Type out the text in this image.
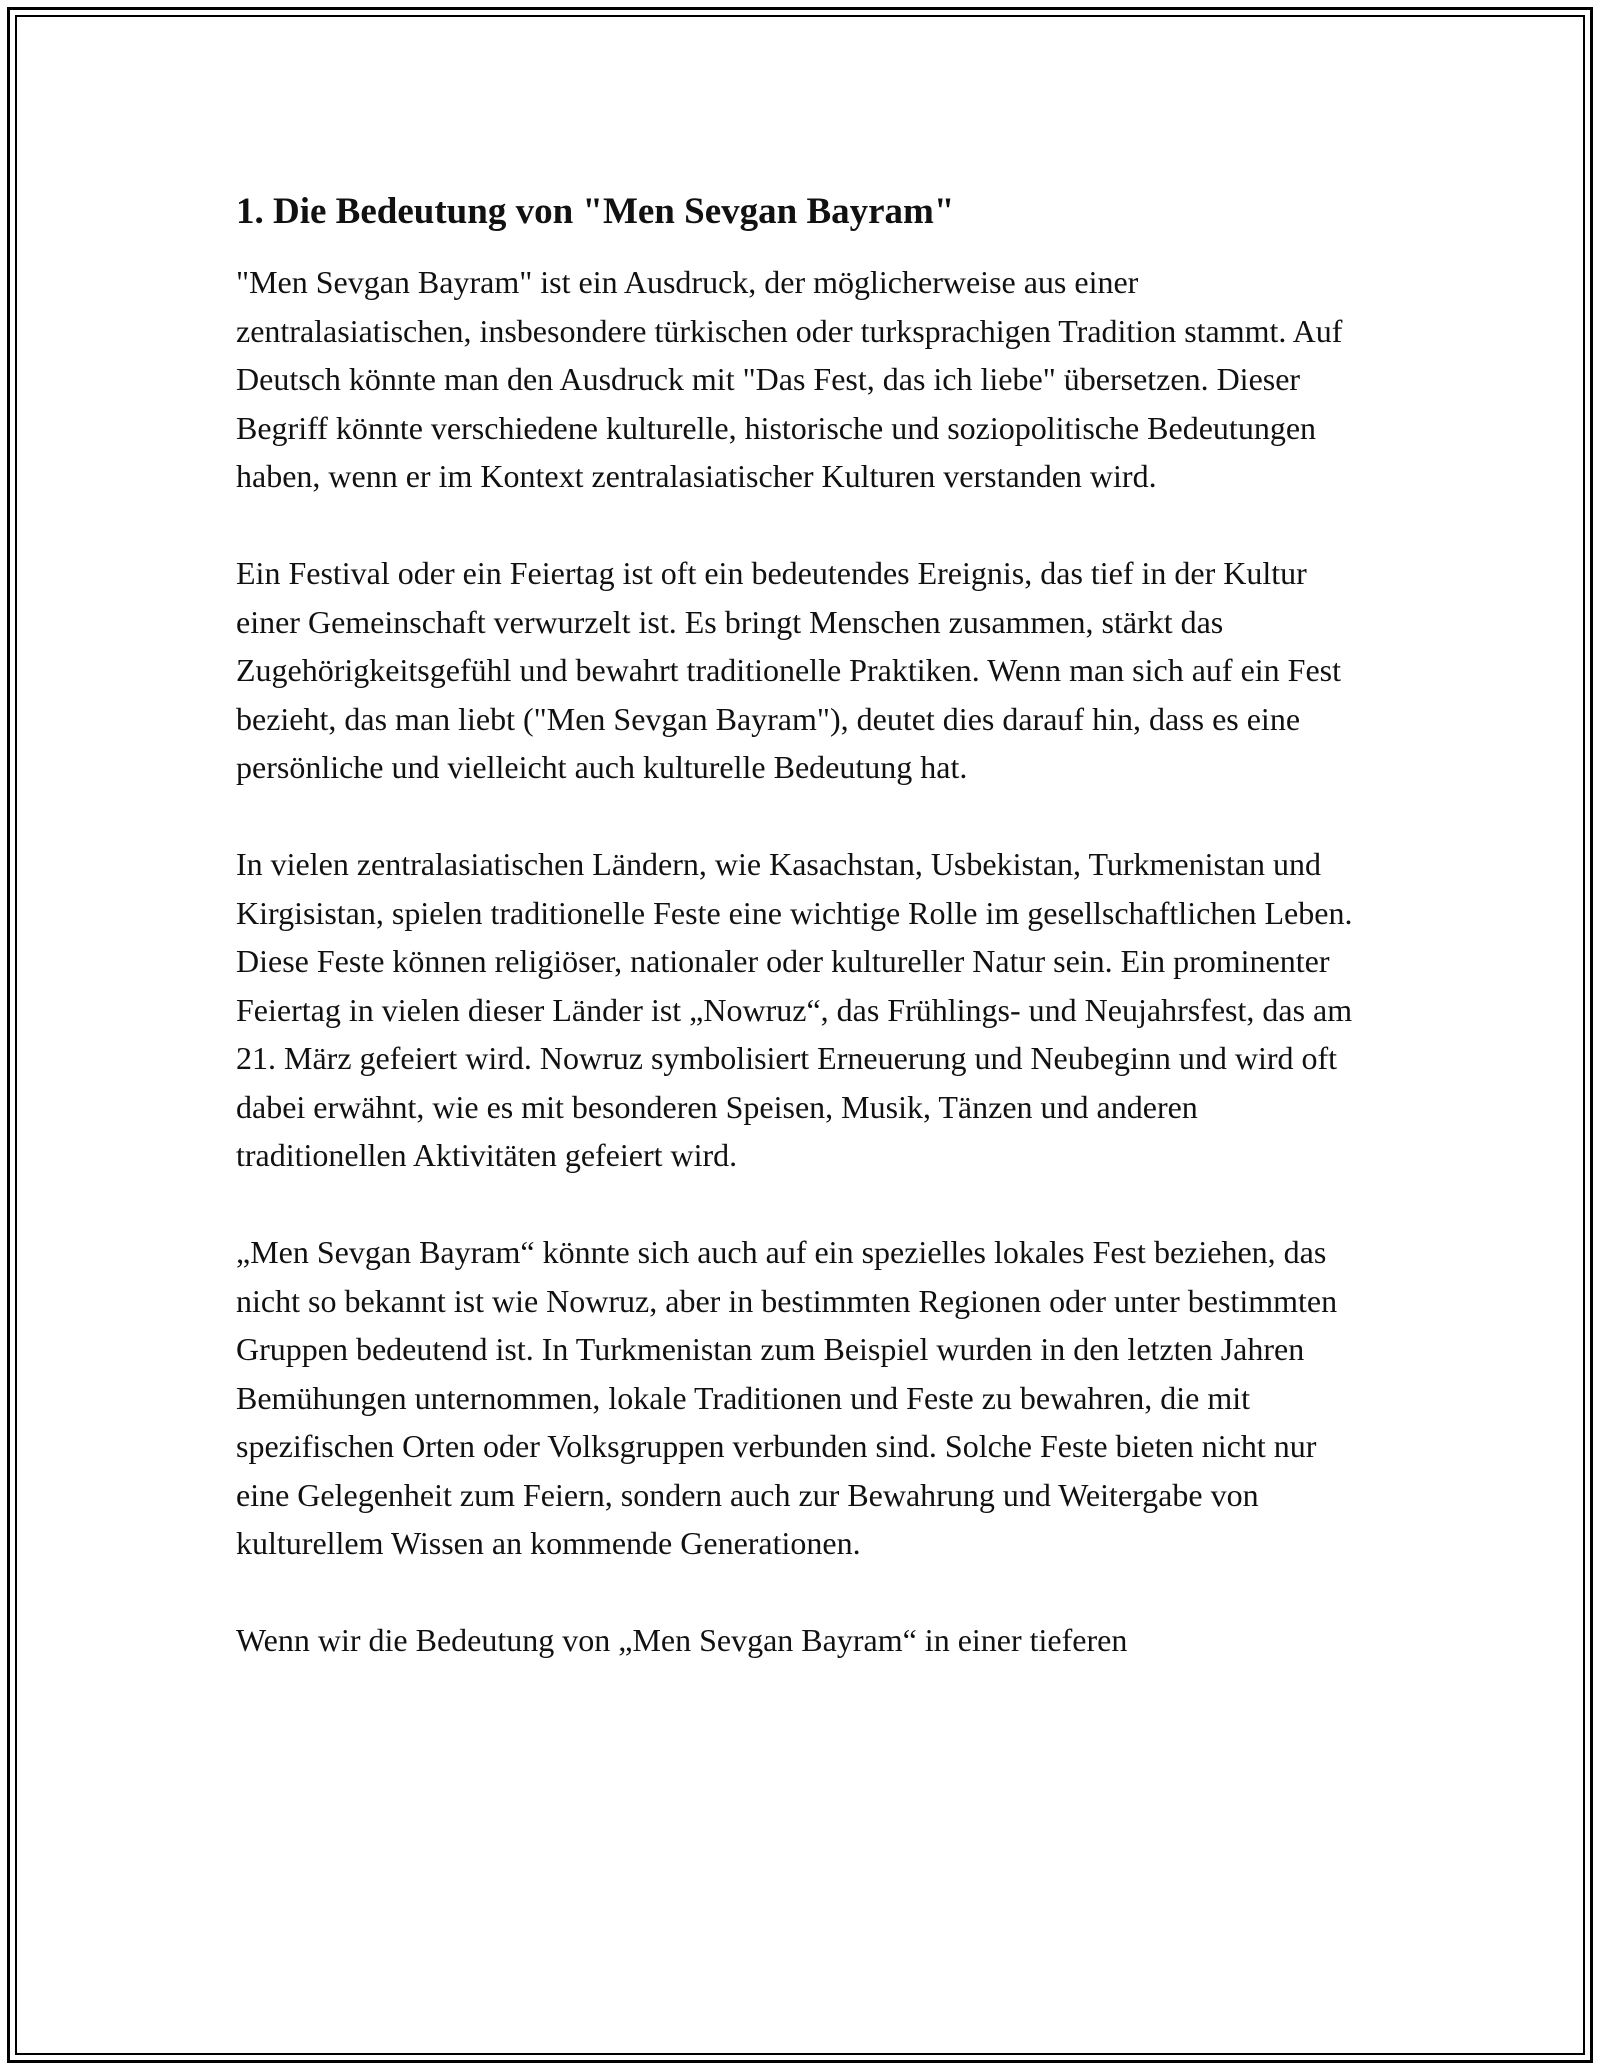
1. Die Bedeutung von "Men Sevgan Bayram"

"Men Sevgan Bayram" ist ein Ausdruck, der möglicherweise aus einer zentralasiatischen, insbesondere türkischen oder turksprachigen Tradition stammt. Auf Deutsch könnte man den Ausdruck mit "Das Fest, das ich liebe" übersetzen. Dieser Begriff könnte verschiedene kulturelle, historische und soziopolitische Bedeutungen haben, wenn er im Kontext zentralasiatischer Kulturen verstanden wird.

Ein Festival oder ein Feiertag ist oft ein bedeutendes Ereignis, das tief in der Kultur einer Gemeinschaft verwurzelt ist. Es bringt Menschen zusammen, stärkt das Zugehörigkeitsgefühl und bewahrt traditionelle Praktiken. Wenn man sich auf ein Fest bezieht, das man liebt ("Men Sevgan Bayram"), deutet dies darauf hin, dass es eine persönliche und vielleicht auch kulturelle Bedeutung hat.

In vielen zentralasiatischen Ländern, wie Kasachstan, Usbekistan, Turkmenistan und Kirgisistan, spielen traditionelle Feste eine wichtige Rolle im gesellschaftlichen Leben. Diese Feste können religiöser, nationaler oder kultureller Natur sein. Ein prominenter Feiertag in vielen dieser Länder ist „Nowruz“, das Frühlings- und Neujahrsfest, das am 21. März gefeiert wird. Nowruz symbolisiert Erneuerung und Neubeginn und wird oft dabei erwähnt, wie es mit besonderen Speisen, Musik, Tänzen und anderen traditionellen Aktivitäten gefeiert wird.

„Men Sevgan Bayram“ könnte sich auch auf ein spezielles lokales Fest beziehen, das nicht so bekannt ist wie Nowruz, aber in bestimmten Regionen oder unter bestimmten Gruppen bedeutend ist. In Turkmenistan zum Beispiel wurden in den letzten Jahren Bemühungen unternommen, lokale Traditionen und Feste zu bewahren, die mit spezifischen Orten oder Volksgruppen verbunden sind. Solche Feste bieten nicht nur eine Gelegenheit zum Feiern, sondern auch zur Bewahrung und Weitergabe von kulturellem Wissen an kommende Generationen.

Wenn wir die Bedeutung von „Men Sevgan Bayram“ in einer tieferen
